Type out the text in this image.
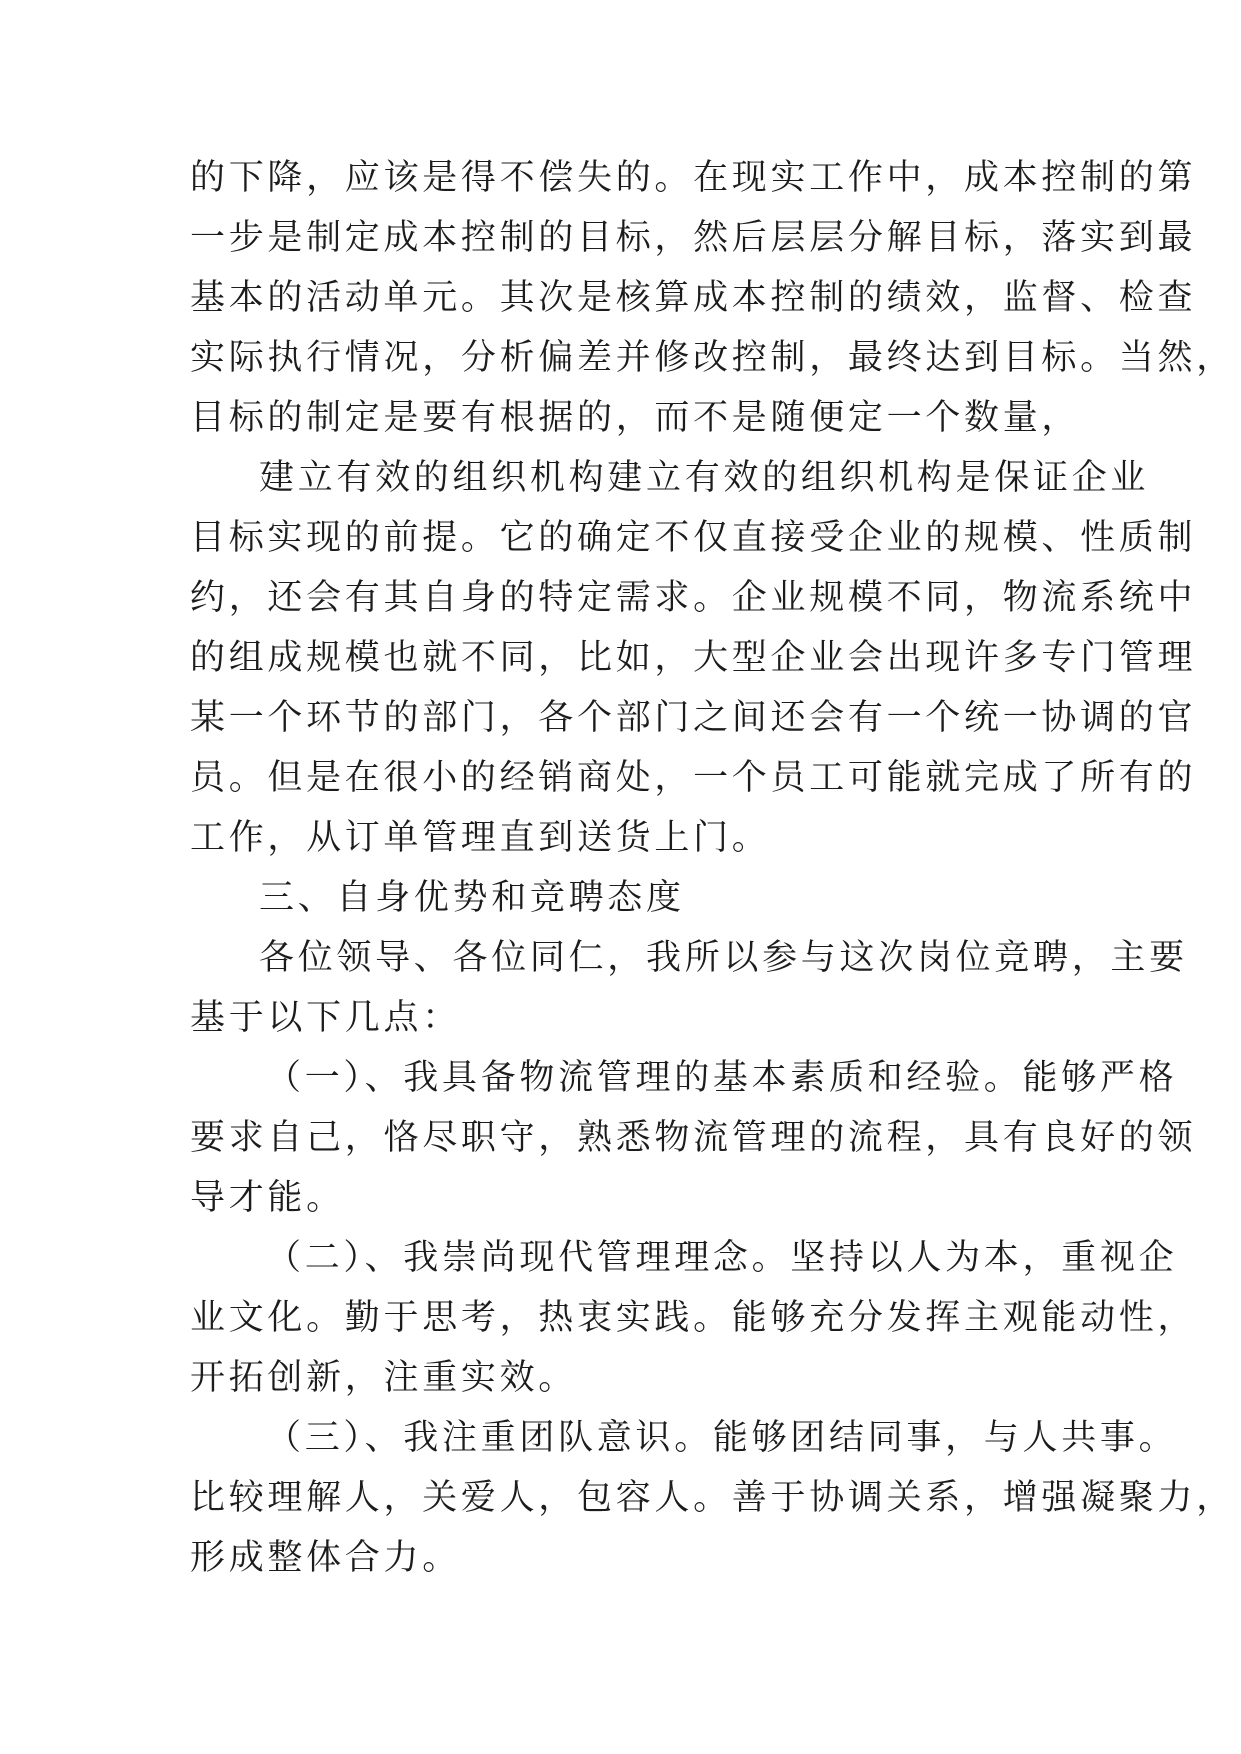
的下降，应该是得不偿失的。在现实工作中，成本控制的第
一步是制定成本控制的目标，然后层层分解目标，落实到最
基本的活动单元。其次是核算成本控制的绩效，监督、检查
实际执行情况，分析偏差并修改控制，最终达到目标。当然，
目标的制定是要有根据的，而不是随便定一个数量，
建立有效的组织机构建立有效的组织机构是保证企业
目标实现的前提。它的确定不仅直接受企业的规模、性质制
约，还会有其自身的特定需求。企业规模不同，物流系统中
的组成规模也就不同，比如，大型企业会出现许多专门管理
某一个环节的部门，各个部门之间还会有一个统一协调的官
员。但是在很小的经销商处，一个员工可能就完成了所有的
工作，从订单管理直到送货上门。
三、自身优势和竞聘态度
各位领导、各位同仁，我所以参与这次岗位竞聘，主要
基于以下几点：
（一）、我具备物流管理的基本素质和经验。能够严格
要求自己，恪尽职守，熟悉物流管理的流程，具有良好的领
导才能。
（二）、我崇尚现代管理理念。坚持以人为本，重视企
业文化。勤于思考，热衷实践。能够充分发挥主观能动性，
开拓创新，注重实效。
（三）、我注重团队意识。能够团结同事，与人共事。
比较理解人，关爱人，包容人。善于协调关系，增强凝聚力，
形成整体合力。
